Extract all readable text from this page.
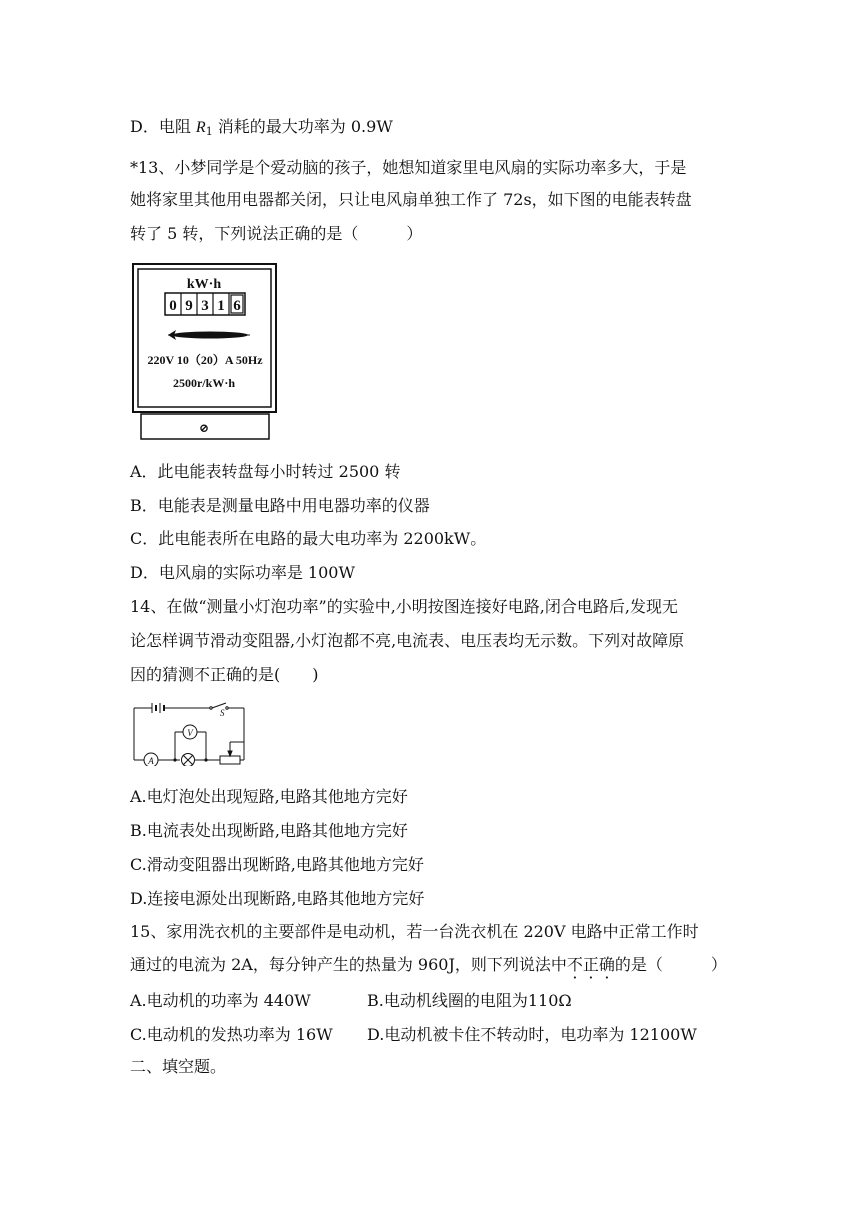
D．电阻 $R_1$ 消耗的最大功率为 0.9W
*13、小梦同学是个爱动脑的孩子，她想知道家里电风扇的实际功率多大，于是
她将家里其他用电器都关闭，只让电风扇单独工作了 72s，如下图的电能表转盘
转了 5 转，下列说法正确的是（　　　）
kW·h
0 9 3 1 6
220V 10（20）A 50Hz
2500r/kW·h
⊘
A．此电能表转盘每小时转过 2500 转
B．电能表是测量电路中用电器功率的仪器
C．此电能表所在电路的最大电功率为 2200kW。
D．电风扇的实际功率是 100W
14、在做“测量小灯泡功率”的实验中,小明按图连接好电路,闭合电路后,发现无
论怎样调节滑动变阻器,小灯泡都不亮,电流表、电压表均无示数。下列对故障原
因的猜测不正确的是(　　)
S
V
A
A.电灯泡处出现短路,电路其他地方完好
B.电流表处出现断路,电路其他地方完好
C.滑动变阻器出现断路,电路其他地方完好
D.连接电源处出现断路,电路其他地方完好
15、家用洗衣机的主要部件是电动机，若一台洗衣机在 220V 电路中正常工作时
通过的电流为 2A，每分钟产生的热量为 960J，则下列说法中不正确的是（　　　）
A.电动机的功率为 440W	B.电动机线圈的电阻为110Ω
C.电动机的发热功率为 16W D.电动机被卡住不转动时，电功率为 12100W
二、填空题。
